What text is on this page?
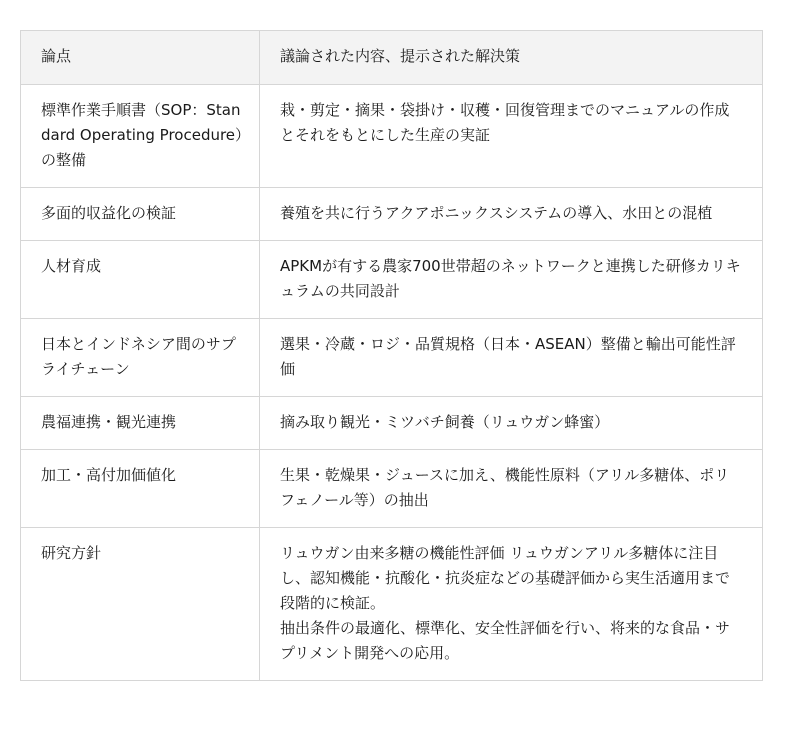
論点	議論された内容、提示された解決策
標準作業手順書（SOP：Standard Operating Procedure）の整備	栽・剪定・摘果・袋掛け・収穫・回復管理までのマニュアルの作成とそれをもとにした生産の実証

多面的収益化の検証	養殖を共に行うアクアポニックスシステムの導入、水田との混植

人材育成	APKMが有する農家700世帯超のネットワークと連携した研修カリキュラムの共同設計

日本とインドネシア間のサプライチェーン	選果・冷蔵・ロジ・品質規格（日本・ASEAN）整備と輸出可能性評価

農福連携・観光連携	摘み取り観光・ミツバチ飼養（リュウガン蜂蜜）

加工・高付加価値化	生果・乾燥果・ジュースに加え、機能性原料（アリル多糖体、ポリフェノール等）の抽出

研究方針	リュウガン由来多糖の機能性評価 リュウガンアリル多糖体に注目し、認知機能・抗酸化・抗炎症などの基礎評価から実生活適用まで段階的に検証。
抽出条件の最適化、標準化、安全性評価を行い、将来的な食品・サプリメント開発への応用。
